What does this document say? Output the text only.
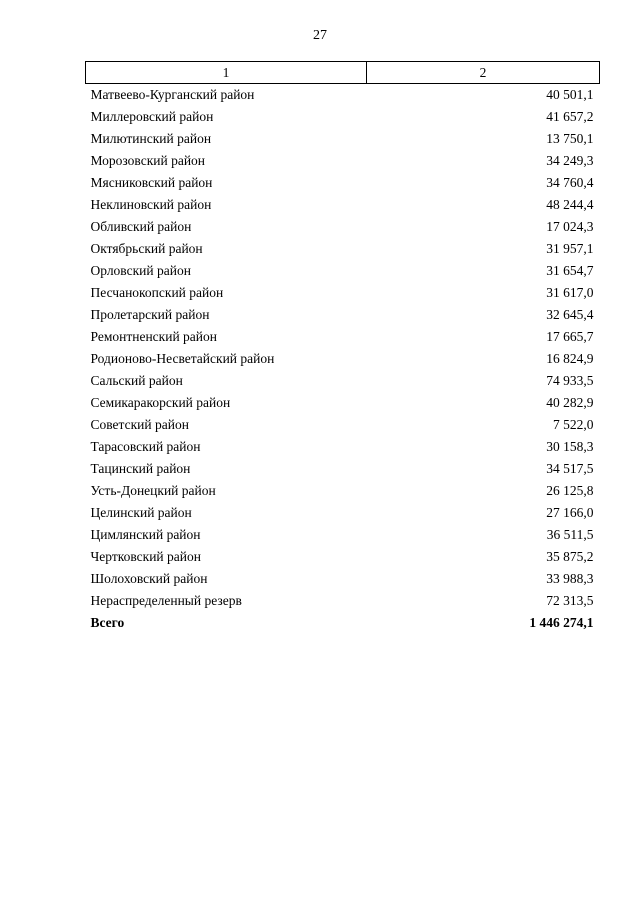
27
1	2
Матвеево-Курганский район	40 501,1
Миллеровский район	41 657,2
Милютинский район	13 750,1
Морозовский район	34 249,3
Мясниковский район	34 760,4
Неклиновский район	48 244,4
Обливский район	17 024,3
Октябрьский район	31 957,1
Орловский район	31 654,7
Песчанокопский район	31 617,0
Пролетарский район	32 645,4
Ремонтненский район	17 665,7
Родионово-Несветайский район	16 824,9
Сальский район	74 933,5
Семикаракорский район	40 282,9
Советский район	7 522,0
Тарасовский район	30 158,3
Тацинский район	34 517,5
Усть-Донецкий район	26 125,8
Целинский район	27 166,0
Цимлянский район	36 511,5
Чертковский район	35 875,2
Шолоховский район	33 988,3
Нераспределенный резерв	72 313,5
Всего	1 446 274,1
